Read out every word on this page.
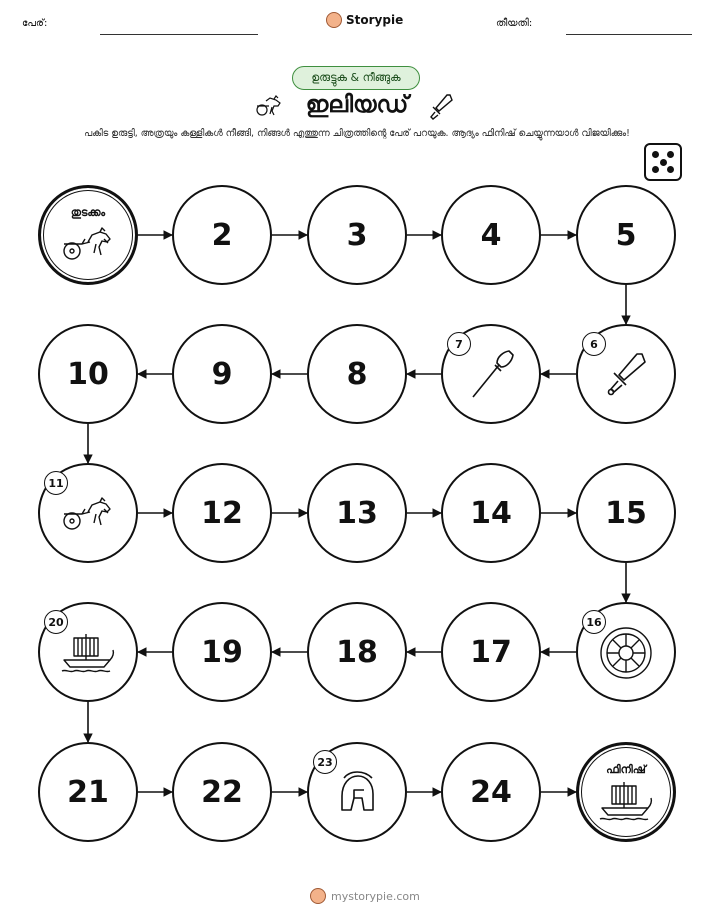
പേര്:	Storypie	തീയതി:
ഉരുട്ടുക & നീങ്ങുക
ഇലിയഡ്
പകിട ഉരുട്ടി, അത്രയും കള്ളികൾ നീങ്ങി, നിങ്ങൾ എത്തുന്ന ചിത്രത്തിന്റെ പേര് പറയുക. ആദ്യം ഫിനിഷ് ചെയ്യുന്നയാൾ വിജയിക്കും!
തുടക്കം
2	3	4	5
6
7
8
9
10
11
12	13	14	15
16
17
18
19
20
21	22
23
24
ഫിനിഷ്
mystorypie.com
